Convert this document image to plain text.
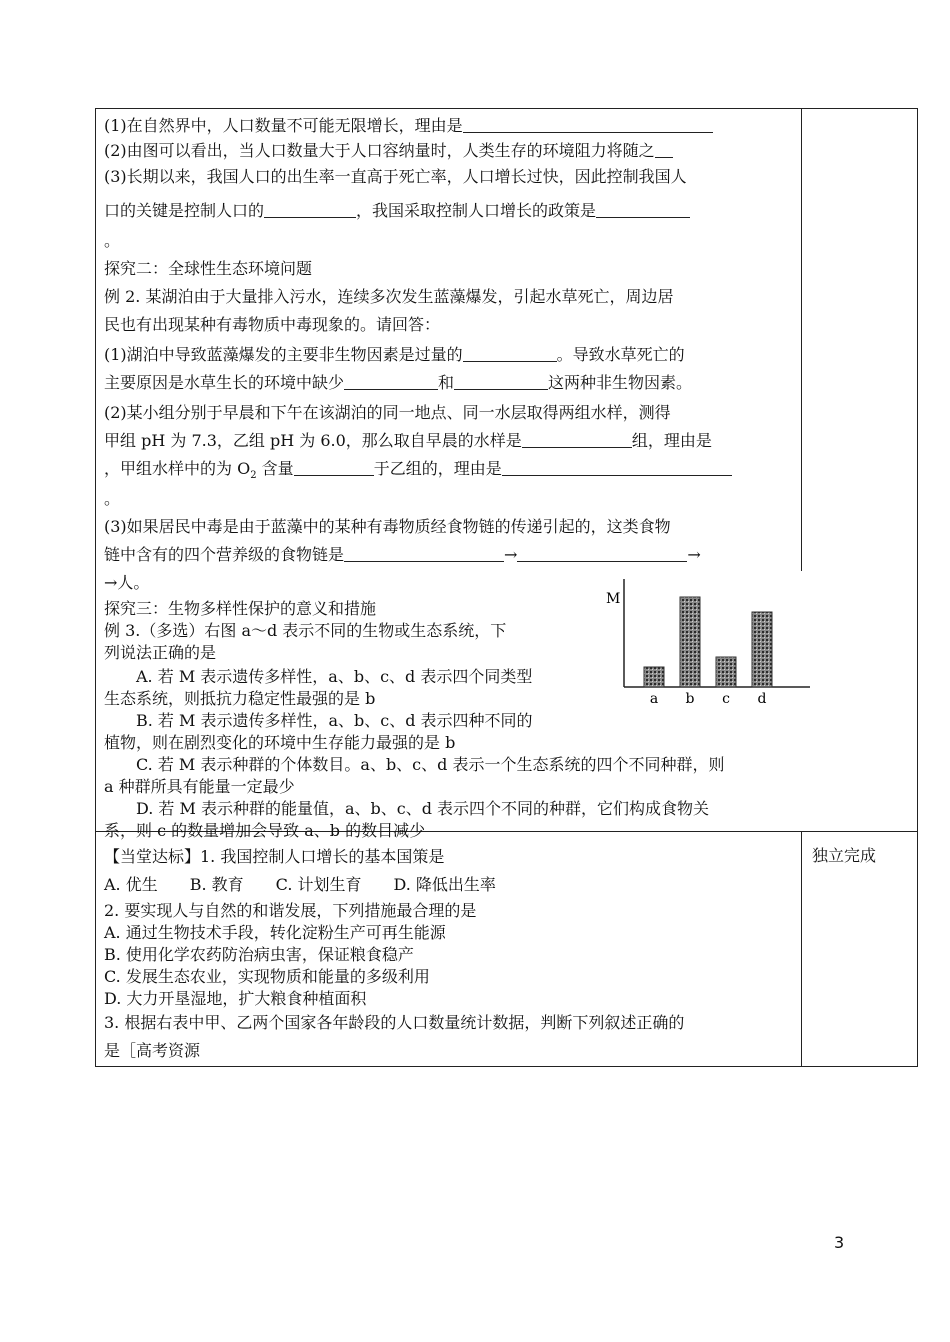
(1)在自然界中，人口数量不可能无限增长，理由是
(2)由图可以看出，当人口数量大于人口容纳量时，人类生存的环境阻力将随之
(3)长期以来，我国人口的出生率一直高于死亡率，人口增长过快，因此控制我国人
口的关键是控制人口的	，我国采取控制人口增长的政策是
。
探究二：全球性生态环境问题
例 2. 某湖泊由于大量排入污水，连续多次发生蓝藻爆发，引起水草死亡，周边居
民也有出现某种有毒物质中毒现象的。请回答：
(1)湖泊中导致蓝藻爆发的主要非生物因素是过量的	。导致水草死亡的
主要原因是水草生长的环境中缺少	和	这两种非生物因素。
(2)某小组分别于早晨和下午在该湖泊的同一地点、同一水层取得两组水样，测得
甲组 pH 为 7.3，乙组 pH 为 6.0，那么取自早晨的水样是	组，理由是
，甲组水样中的为 $O_2$ 含量	于乙组的，理由是
。
(3)如果居民中毒是由于蓝藻中的某种有毒物质经食物链的传递引起的，这类食物
链中含有的四个营养级的食物链是	→	→
→人。
探究三：生物多样性保护的意义和措施
例 3.（多选）右图 a～d 表示不同的生物或生态系统，下
列说法正确的是
　　A. 若 M 表示遗传多样性，a、b、c、d 表示四个同类型
生态系统，则抵抗力稳定性最强的是 b
　　B. 若 M 表示遗传多样性，a、b、c、d 表示四种不同的
植物，则在剧烈变化的环境中生存能力最强的是 b
　　C. 若 M 表示种群的个体数目。a、b、c、d 表示一个生态系统的四个不同种群，则
a 种群所具有能量一定最少
　　D. 若 M 表示种群的能量值，a、b、c、d 表示四个不同的种群，它们构成食物关
系，则 c 的数量增加会导致 a、b 的数目减少
【当堂达标】1. 我国控制人口增长的基本国策是
A. 优生　　B. 教育　　C. 计划生育　　D. 降低出生率
2. 要实现人与自然的和谐发展，下列措施最合理的是
A. 通过生物技术手段，转化淀粉生产可再生能源
B. 使用化学农药防治病虫害，保证粮食稳产
C. 发展生态农业，实现物质和能量的多级利用
D. 大力开垦湿地，扩大粮食种植面积
3. 根据右表中甲、乙两个国家各年龄段的人口数量统计数据，判断下列叙述正确的
是［高考资源
独立完成
M
a b c d
3
